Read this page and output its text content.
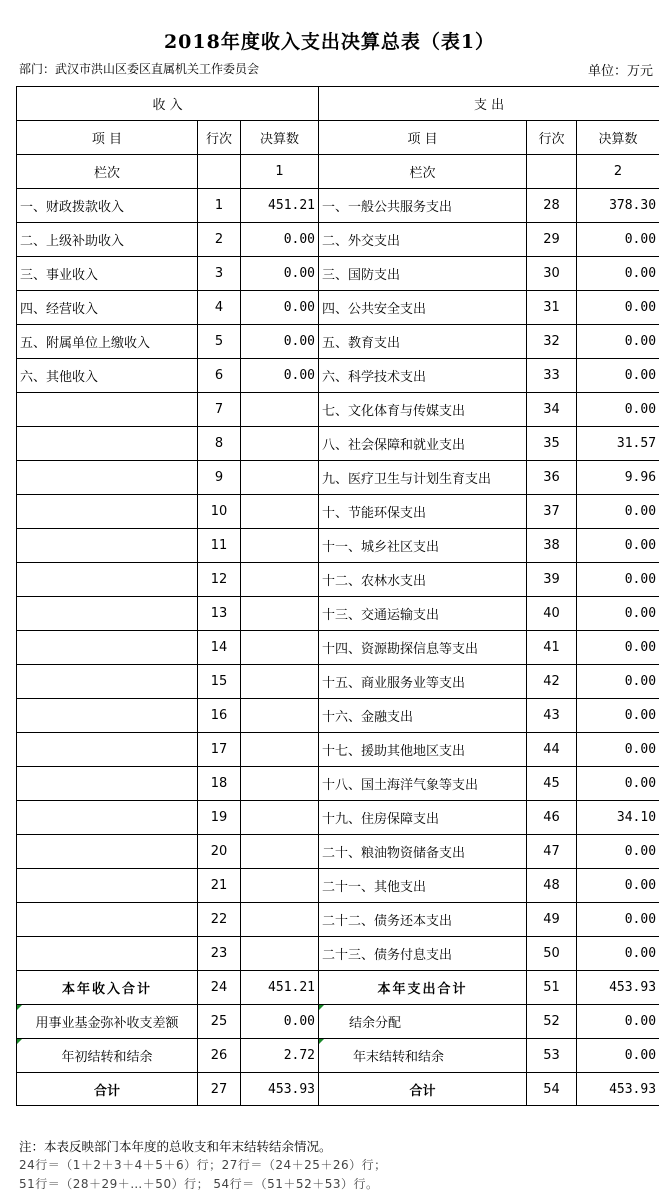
2018年度收入支出决算总表（表1）
部门：武汉市洪山区委区直属机关工作委员会	单位：万元
收 入			支 出		
项 目	行次	决算数	项 目	行次	决算数
栏次		1	栏次		2
一、财政拨款收入	1	451.21	一、一般公共服务支出	28	378.30
二、上级补助收入	2	0.00	二、外交支出	29	0.00
三、事业收入	3	0.00	三、国防支出	30	0.00
四、经营收入	4	0.00	四、公共安全支出	31	0.00
五、附属单位上缴收入	5	0.00	五、教育支出	32	0.00
六、其他收入	6	0.00	六、科学技术支出	33	0.00
	7		七、文化体育与传媒支出	34	0.00
	8		八、社会保障和就业支出	35	31.57
	9		九、医疗卫生与计划生育支出	36	9.96
	10		十、节能环保支出	37	0.00
	11		十一、城乡社区支出	38	0.00
	12		十二、农林水支出	39	0.00
	13		十三、交通运输支出	40	0.00
	14		十四、资源勘探信息等支出	41	0.00
	15		十五、商业服务业等支出	42	0.00
	16		十六、金融支出	43	0.00
	17		十七、援助其他地区支出	44	0.00
	18		十八、国土海洋气象等支出	45	0.00
	19		十九、住房保障支出	46	34.10
	20		二十、粮油物资储备支出	47	0.00
	21		二十一、其他支出	48	0.00
	22		二十二、债务还本支出	49	0.00
	23		二十三、债务付息支出	50	0.00
本年收入合计	24	451.21	本年支出合计	51	453.93
用事业基金弥补收支差额	25	0.00	结余分配	52	0.00
年初结转和结余	26	2.72	年末结转和结余	53	0.00
合计	27	453.93	合计	54	453.93
注：本表反映部门本年度的总收支和年末结转结余情况。
24行＝（1＋2＋3＋4＋5＋6）行；27行＝（24＋25＋26）行；
51行＝（28＋29＋…＋50）行； 54行＝（51＋52＋53）行。
